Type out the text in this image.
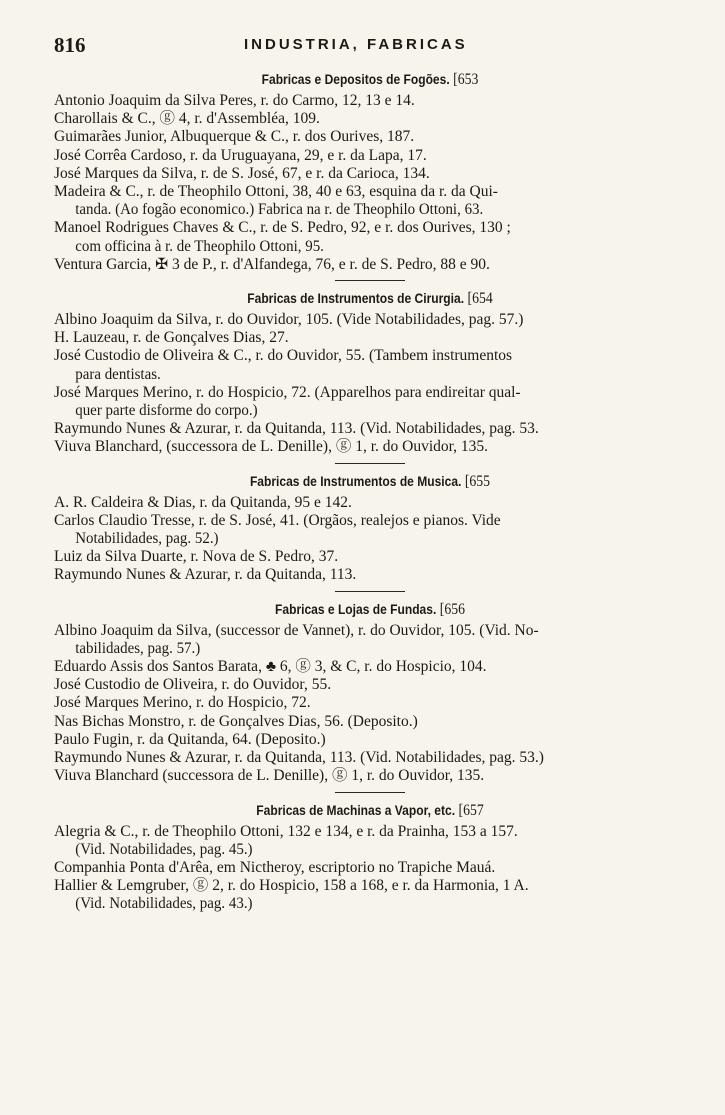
816	INDUSTRIA, FABRICAS
Fabricas e Depositos de Fogões. [653
Antonio Joaquim da Silva Peres, r. do Carmo, 12, 13 e 14.
Charollais & C., ⓖ 4, r. d'Assembléa, 109.
Guimarães Junior, Albuquerque & C., r. dos Ourives, 187.
José Corrêa Cardoso, r. da Uruguayana, 29, e r. da Lapa, 17.
José Marques da Silva, r. de S. José, 67, e r. da Carioca, 134.
Madeira & C., r. de Theophilo Ottoni, 38, 40 e 63, esquina da r. da Qui-
tanda. (Ao fogão economico.) Fabrica na r. de Theophilo Ottoni, 63.
Manoel Rodrigues Chaves & C., r. de S. Pedro, 92, e r. dos Ourives, 130 ;
com officina à r. de Theophilo Ottoni, 95.
Ventura Garcia, ✠ 3 de P., r. d'Alfandega, 76, e r. de S. Pedro, 88 e 90.
Fabricas de Instrumentos de Cirurgia. [654
Albino Joaquim da Silva, r. do Ouvidor, 105. (Vide Notabilidades, pag. 57.)
H. Lauzeau, r. de Gonçalves Dias, 27.
José Custodio de Oliveira & C., r. do Ouvidor, 55. (Tambem instrumentos
para dentistas.
José Marques Merino, r. do Hospicio, 72. (Apparelhos para endireitar qual-
quer parte disforme do corpo.)
Raymundo Nunes & Azurar, r. da Quitanda, 113. (Vid. Notabilidades, pag. 53.
Viuva Blanchard, (successora de L. Denille), ⓖ 1, r. do Ouvidor, 135.
Fabricas de Instrumentos de Musica. [655
A. R. Caldeira & Dias, r. da Quitanda, 95 e 142.
Carlos Claudio Tresse, r. de S. José, 41. (Orgãos, realejos e pianos. Vide
Notabilidades, pag. 52.)
Luiz da Silva Duarte, r. Nova de S. Pedro, 37.
Raymundo Nunes & Azurar, r. da Quitanda, 113.
Fabricas e Lojas de Fundas. [656
Albino Joaquim da Silva, (successor de Vannet), r. do Ouvidor, 105. (Vid. No-
tabilidades, pag. 57.)
Eduardo Assis dos Santos Barata, ♣ 6, ⓖ 3, & C, r. do Hospicio, 104.
José Custodio de Oliveira, r. do Ouvidor, 55.
José Marques Merino, r. do Hospicio, 72.
Nas Bichas Monstro, r. de Gonçalves Dias, 56. (Deposito.)
Paulo Fugin, r. da Quitanda, 64. (Deposito.)
Raymundo Nunes & Azurar, r. da Quitanda, 113. (Vid. Notabilidades, pag. 53.)
Viuva Blanchard (successora de L. Denille), ⓖ 1, r. do Ouvidor, 135.
Fabricas de Machinas a Vapor, etc. [657
Alegria & C., r. de Theophilo Ottoni, 132 e 134, e r. da Prainha, 153 a 157.
(Vid. Notabilidades, pag. 45.)
Companhia Ponta d'Arêa, em Nictheroy, escriptorio no Trapiche Mauá.
Hallier & Lemgruber, ⓖ 2, r. do Hospicio, 158 a 168, e r. da Harmonia, 1 A.
(Vid. Notabilidades, pag. 43.)
